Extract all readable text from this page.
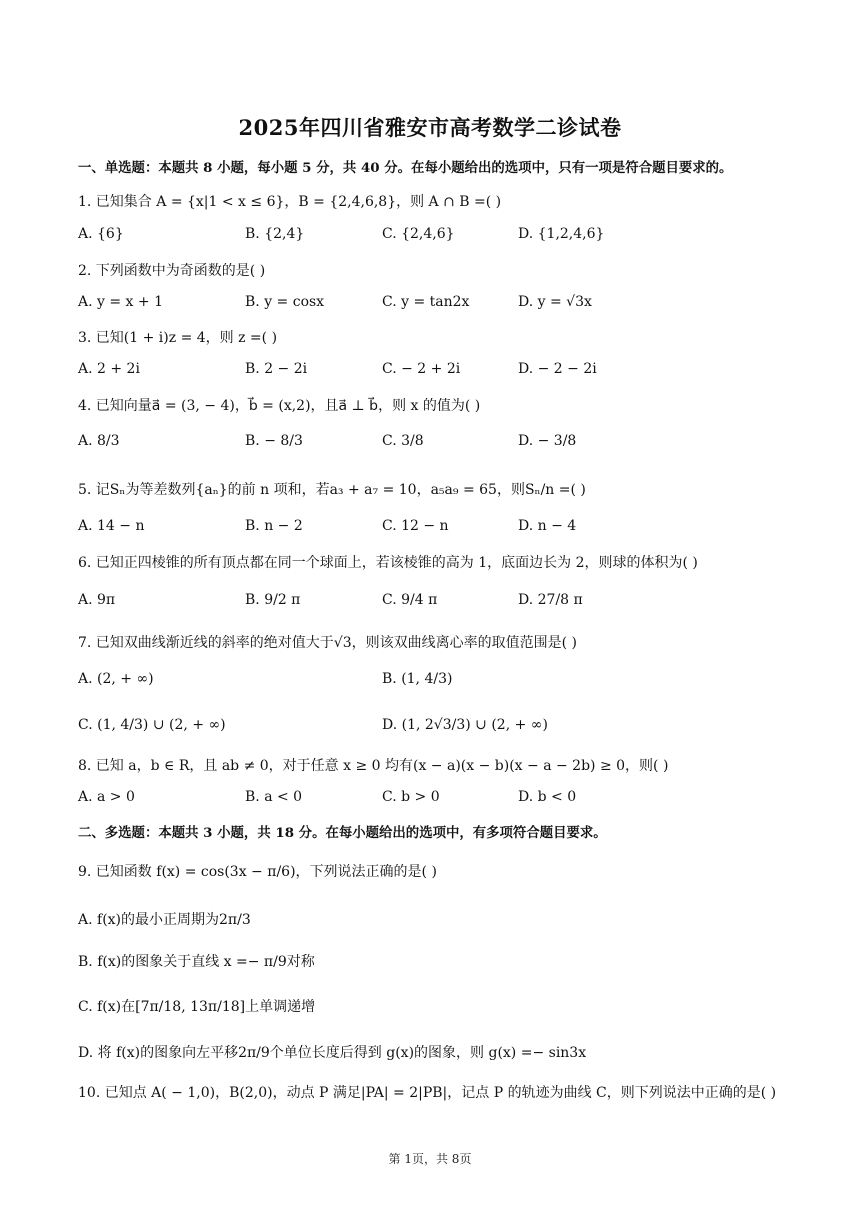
2025年四川省雅安市高考数学二诊试卷
一、单选题：本题共 8 小题，每小题 5 分，共 40 分。在每小题给出的选项中，只有一项是符合题目要求的。
1. 已知集合 A = {x|1 < x ≤ 6}，B = {2,4,6,8}，则 A ∩ B =( )
A. {6}	B. {2,4}	C. {2,4,6}	D. {1,2,4,6}
2. 下列函数中为奇函数的是( )
A. y = x + 1	B. y = cosx	C. y = tan2x	D. y = √3x
3. 已知(1 + i)z = 4，则 z =( )
A. 2 + 2i	B. 2 − 2i	C. − 2 + 2i	D. − 2 − 2i
4. 已知向量a⃗ = (3, − 4)，b⃗ = (x,2)，且a⃗ ⊥ b⃗，则 x 的值为( )
A. 8/3	B. − 8/3	C. 3/8	D. − 3/8
5. 记Sₙ为等差数列{aₙ}的前 n 项和，若a₃ + a₇ = 10，a₅a₉ = 65，则Sₙ/n =( )
A. 14 − n	B. n − 2	C. 12 − n	D. n − 4
6. 已知正四棱锥的所有顶点都在同一个球面上，若该棱锥的高为 1，底面边长为 2，则球的体积为( )
A. 9π	B. 9/2 π	C. 9/4 π	D. 27/8 π
7. 已知双曲线渐近线的斜率的绝对值大于√3，则该双曲线离心率的取值范围是( )
A. (2, + ∞)	B. (1, 4/3)
C. (1, 4/3) ∪ (2, + ∞)	D. (1, 2√3/3) ∪ (2, + ∞)
8. 已知 a，b ∈ R，且 ab ≠ 0，对于任意 x ≥ 0 均有(x − a)(x − b)(x − a − 2b) ≥ 0，则( )
A. a > 0	B. a < 0	C. b > 0	D. b < 0
二、多选题：本题共 3 小题，共 18 分。在每小题给出的选项中，有多项符合题目要求。
9. 已知函数 f(x) = cos(3x − π/6)，下列说法正确的是( )
A. f(x)的最小正周期为2π/3
B. f(x)的图象关于直线 x =− π/9对称
C. f(x)在[7π/18, 13π/18]上单调递增
D. 将 f(x)的图象向左平移2π/9个单位长度后得到 g(x)的图象，则 g(x) =− sin3x
10. 已知点 A( − 1,0)，B(2,0)，动点 P 满足|PA| = 2|PB|，记点 P 的轨迹为曲线 C，则下列说法中正确的是( )
第 1页，共 8页
